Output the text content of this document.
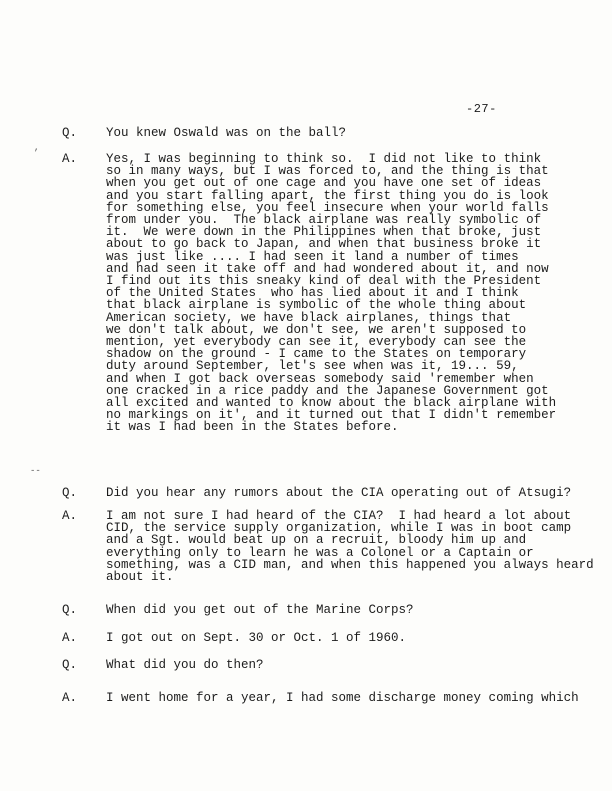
-27-
,
--
Q. You knew Oswald was on the ball?
A. Yes, I was beginning to think so.  I did not like to think
so in many ways, but I was forced to, and the thing is that
when you get out of one cage and you have one set of ideas
and you start falling apart, the first thing you do is look
for something else, you feel insecure when your world falls
from under you.  The black airplane was really symbolic of
it.  We were down in the Philippines when that broke, just
about to go back to Japan, and when that business broke it
was just like .... I had seen it land a number of times
and had seen it take off and had wondered about it, and now
I find out its this sneaky kind of deal with the President
of the United States  who has lied about it and I think
that black airplane is symbolic of the whole thing about
American society, we have black airplanes, things that
we don't talk about, we don't see, we aren't supposed to
mention, yet everybody can see it, everybody can see the
shadow on the ground - I came to the States on temporary
duty around September, let's see when was it, 19... 59,
and when I got back overseas somebody said 'remember when
one cracked in a rice paddy and the Japanese Government got
all excited and wanted to know about the black airplane with
no markings on it', and it turned out that I didn't remember
it was I had been in the States before.
Q. Did you hear any rumors about the CIA operating out of Atsugi?
A. I am not sure I had heard of the CIA?  I had heard a lot about
CID, the service supply organization, while I was in boot camp
and a Sgt. would beat up on a recruit, bloody him up and
everything only to learn he was a Colonel or a Captain or
something, was a CID man, and when this happened you always heard
about it.
Q. When did you get out of the Marine Corps?
A. I got out on Sept. 30 or Oct. 1 of 1960.
Q. What did you do then?
A. I went home for a year, I had some discharge money coming which
